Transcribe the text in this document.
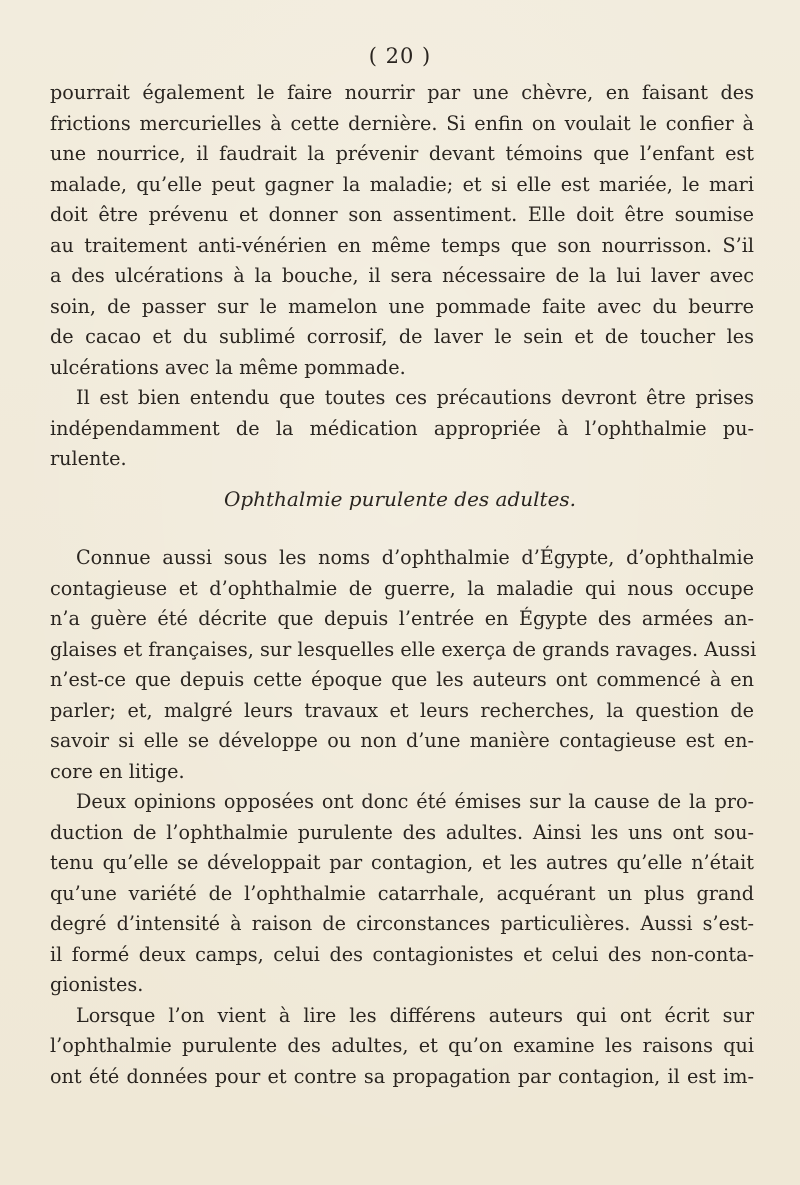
( 20 )
pourrait également le faire nourrir par une chèvre, en faisant des
frictions mercurielles à cette dernière. Si enfin on voulait le confier à
une nourrice, il faudrait la prévenir devant témoins que l’enfant est
malade, qu’elle peut gagner la maladie; et si elle est mariée, le mari
doit être prévenu et donner son assentiment. Elle doit être soumise
au traitement anti-vénérien en même temps que son nourrisson. S’il
a des ulcérations à la bouche, il sera nécessaire de la lui laver avec
soin, de passer sur le mamelon une pommade faite avec du beurre
de cacao et du sublimé corrosif, de laver le sein et de toucher les
ulcérations avec la même pommade.
Il est bien entendu que toutes ces précautions devront être prises
indépendamment de la médication appropriée à l’ophthalmie pu-
rulente.
Ophthalmie purulente des adultes.
Connue aussi sous les noms d’ophthalmie d’Égypte, d’ophthalmie
contagieuse et d’ophthalmie de guerre, la maladie qui nous occupe
n’a guère été décrite que depuis l’entrée en Égypte des armées an-
glaises et françaises, sur lesquelles elle exerça de grands ravages. Aussi
n’est-ce que depuis cette époque que les auteurs ont commencé à en
parler; et, malgré leurs travaux et leurs recherches, la question de
savoir si elle se développe ou non d’une manière contagieuse est en-
core en litige.
Deux opinions opposées ont donc été émises sur la cause de la pro-
duction de l’ophthalmie purulente des adultes. Ainsi les uns ont sou-
tenu qu’elle se développait par contagion, et les autres qu’elle n’était
qu’une variété de l’ophthalmie catarrhale, acquérant un plus grand
degré d’intensité à raison de circonstances particulières. Aussi s’est-
il formé deux camps, celui des contagionistes et celui des non-conta-
gionistes.
Lorsque l’on vient à lire les différens auteurs qui ont écrit sur
l’ophthalmie purulente des adultes, et qu’on examine les raisons qui
ont été données pour et contre sa propagation par contagion, il est im-
